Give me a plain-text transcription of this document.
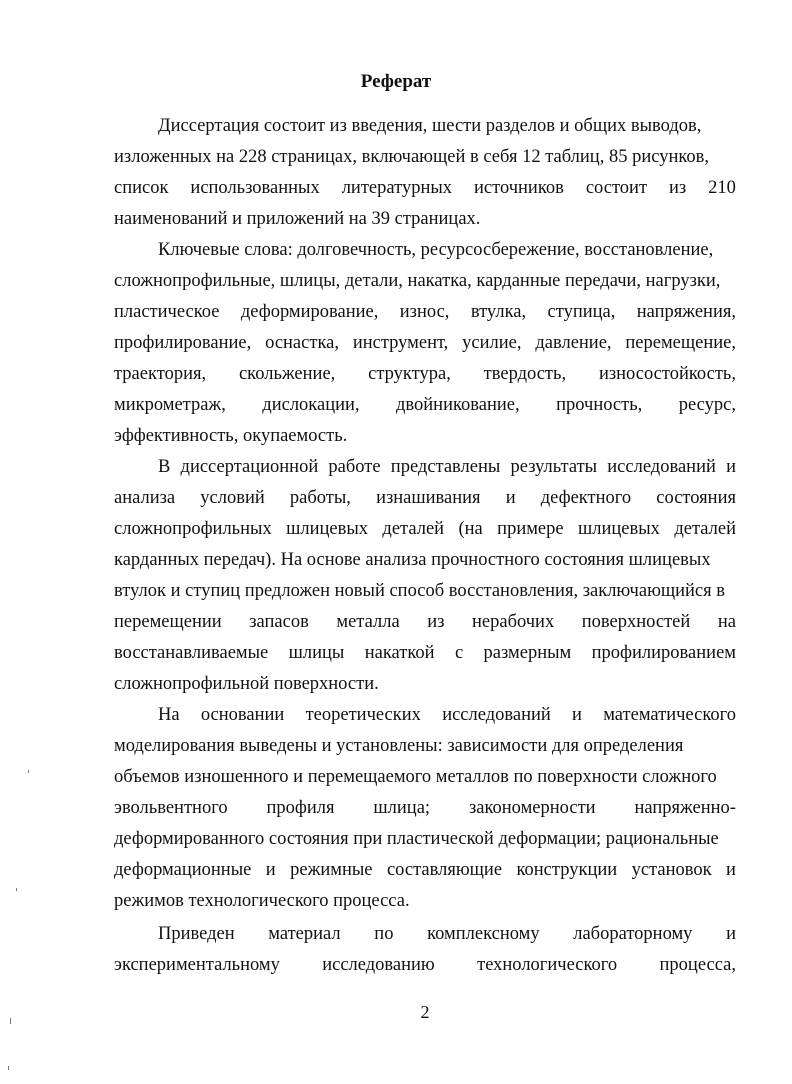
Реферат

Диссертация состоит из введения, шести разделов и общих выводов,

изложенных на 228 страницах, включающей в себя 12 таблиц, 85 рисунков,

список использованных литературных источников состоит из 210

наименований и приложений на 39 страницах.

Ключевые слова: долговечность, ресурсосбережение, восстановление,

сложнопрофильные, шлицы, детали, накатка, карданные передачи, нагрузки,

пластическое деформирование, износ, втулка, ступица, напряжения,

профилирование, оснастка, инструмент, усилие, давление, перемещение,

траектория, скольжение, структура, твердость, износостойкость,

микрометраж, дислокации, двойникование, прочность, ресурс,

эффективность, окупаемость.

В диссертационной работе представлены результаты исследований и

анализа условий работы, изнашивания и дефектного состояния

сложнопрофильных шлицевых деталей (на примере шлицевых деталей

карданных передач). На основе анализа прочностного состояния шлицевых

втулок и ступиц предложен новый способ восстановления, заключающийся в

перемещении запасов металла из нерабочих поверхностей на

восстанавливаемые шлицы накаткой с размерным профилированием

сложнопрофильной поверхности.

На основании теоретических исследований и математического

моделирования выведены и установлены: зависимости для определения

объемов изношенного и перемещаемого металлов по поверхности сложного

эвольвентного профиля шлица; закономерности напряженно-

деформированного состояния при пластической деформации; рациональные

деформационные и режимные составляющие конструкции установок и

режимов технологического процесса.

Приведен материал по комплексному лабораторному и

экспериментальному исследованию технологического процесса,

2
